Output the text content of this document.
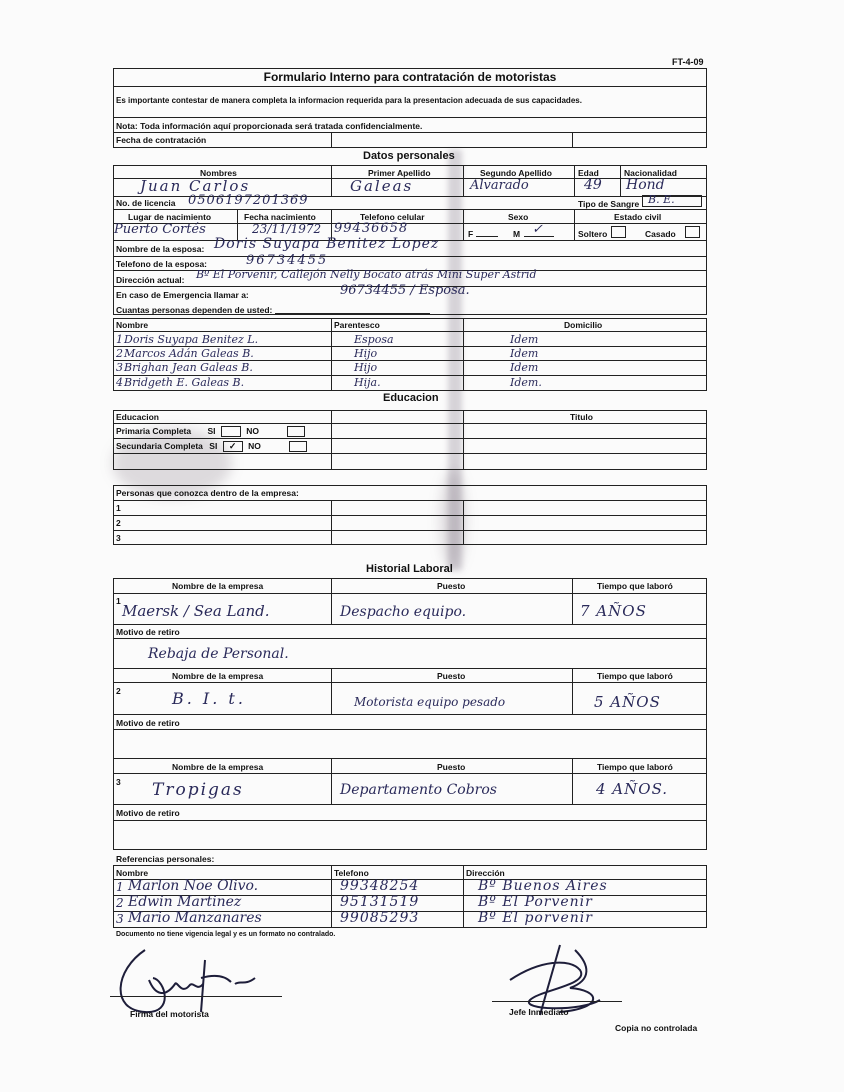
FT-4-09
Formulario Interno para contratación de motoristas
Es importante contestar de manera completa la informacion requerida para la presentacion adecuada de sus capacidades.
Nota: Toda información aquí proporcionada será tratada confidencialmente.
Fecha de contratación
Datos personales
Nombres	Primer Apellido	Segundo Apellido	Edad	Nacionalidad
Juan Carlos	Galeas	Alvarado	49 Hond
No. de licencia 0506197201369	Tipo de Sangre B. E.
Lugar de nacimiento	Fecha nacimiento	Telefono celular	Sexo	Estado civil
Puerto Cortés	23/11/1972 99436658	F	M ✓	Soltero	Casado
Nombre de la esposa: Doris Suyapa Benitez Lopez
Telefono de la esposa:	96734455
Dirección actual: Bº El Porvenir, Callejón Nelly Bocato atrás Mini Super Astrid
En caso de Emergencia llamar a:	96734455 / Esposa.
Cuantas personas dependen de usted:
Nombre	Parentesco	Domicilio
1 Doris Suyapa Benitez L.	Esposa	Idem
2 Marcos Adán Galeas B.	Hijo	Idem
3 Brighan Jean Galeas B.	Hijo	Idem
4 Bridgeth E. Galeas B.	Hija.	Idem.
Educacion
Educacion	Titulo
Primaria Completa SI	NO
Secundaria Completa SI ✓ NO
Personas que conozca dentro de la empresa:
1
2
3
Historial Laboral
Nombre de la empresa	Puesto	Tiempo que laboró
1
Maersk / Sea Land.	Despacho equipo.	7 AÑOS
Motivo de retiro
Rebaja de Personal.
Nombre de la empresa	Puesto	Tiempo que laboró
2	B. I. t.	Motorista equipo pesado	5 AÑOS
Motivo de retiro
Nombre de la empresa	Puesto	Tiempo que laboró
3 Tropigas	Departamento Cobros	4 AÑOS.
Motivo de retiro
Referencias personales:
Nombre	Telefono	Dirección
1 Marlon Noe Olivo.	99348254	Bº Buenos Aires
2 Edwin Martinez	95131519	Bº El Porvenir
3 Mario Manzanares	99085293	Bº El porvenir
Documento no tiene vigencia legal y es un formato no contralado.
Firma del motorista	Jefe Inmediato
Copia no controlada
